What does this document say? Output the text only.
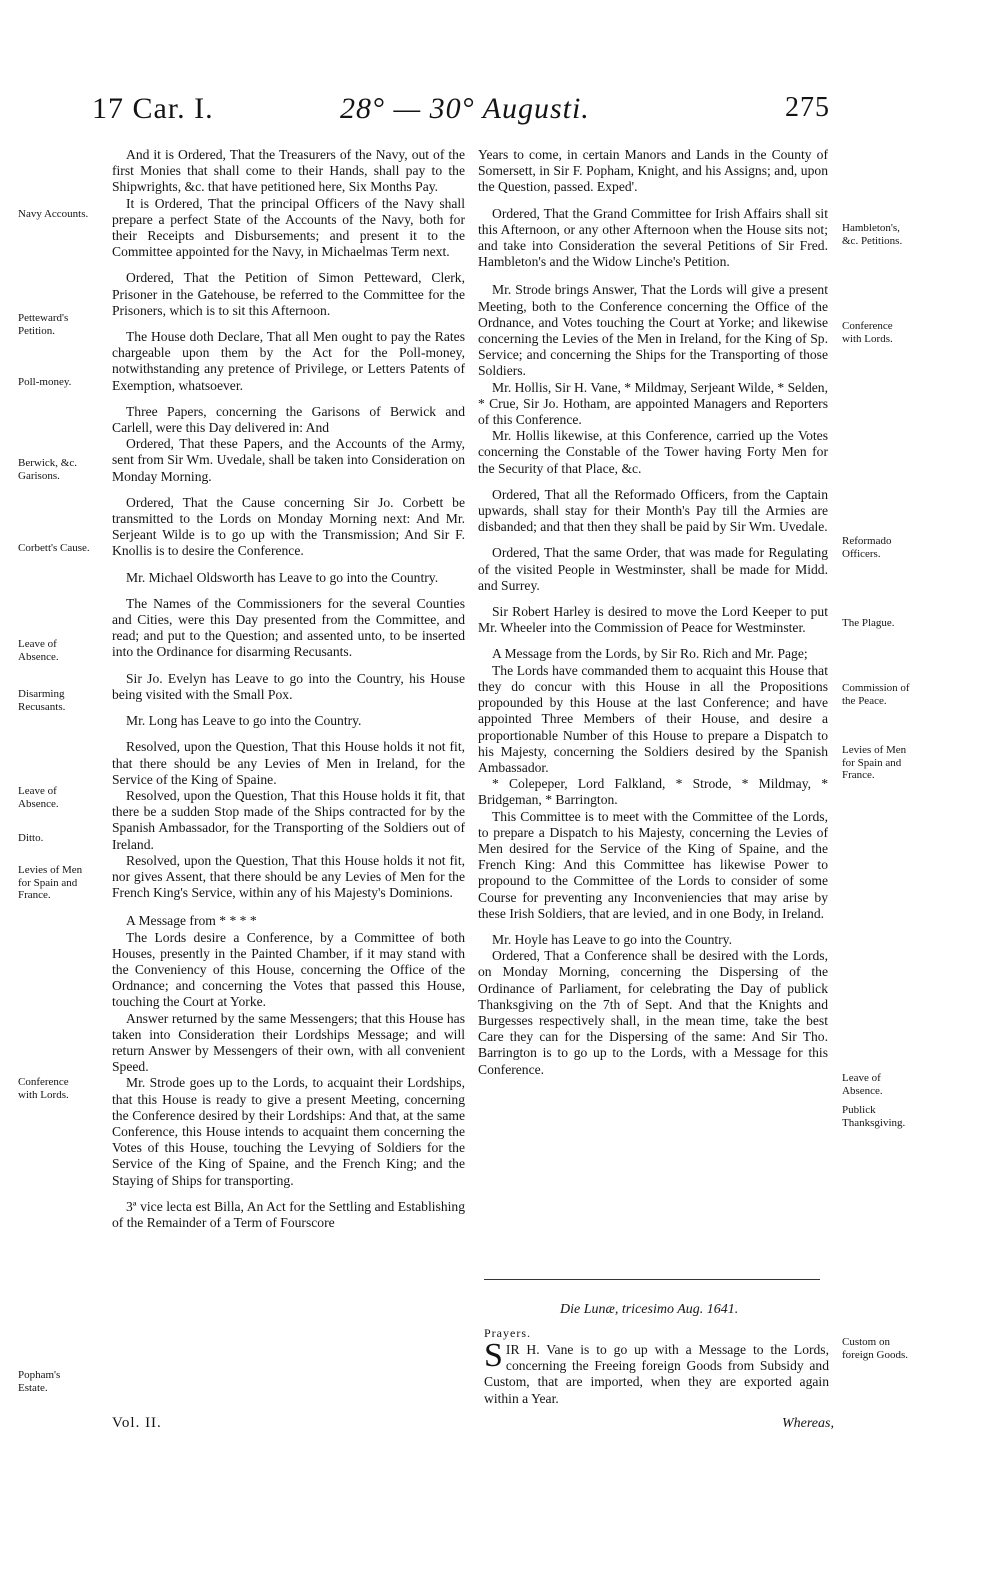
17 Car. I.	28° — 30° Augusti.	275
Navy Accounts.
Petteward's Petition.
Poll-money.
Berwick, &c. Garisons.
Corbett's Cause.
Leave of Absence.
Disarming Recusants.
Leave of Absence.
Ditto.
Levies of Men for Spain and France.
Conference with Lords.
Popham's Estate.
Hambleton's, &c. Petitions.
Conference with Lords.
Reformado Officers.
The Plague.
Commission of the Peace.
Levies of Men for Spain and France.
Leave of Absence.
Publick Thanksgiving.
Custom on foreign Goods.

And it is Ordered, That the Treasurers of the Navy, out of the first Monies that shall come to their Hands, shall pay to the Shipwrights, &c. that have petitioned here, Six Months Pay.

It is Ordered, That the principal Officers of the Navy shall prepare a perfect State of the Accounts of the Navy, both for their Receipts and Disbursements; and present it to the Committee appointed for the Navy, in Michaelmas Term next.

Ordered, That the Petition of Simon Petteward, Clerk, Prisoner in the Gatehouse, be referred to the Committee for the Prisoners, which is to sit this Afternoon.

The House doth Declare, That all Men ought to pay the Rates chargeable upon them by the Act for the Poll-money, notwithstanding any pretence of Privilege, or Letters Patents of Exemption, whatsoever.

Three Papers, concerning the Garisons of Berwick and Carlell, were this Day delivered in: And

Ordered, That these Papers, and the Accounts of the Army, sent from Sir Wm. Uvedale, shall be taken into Consideration on Monday Morning.

Ordered, That the Cause concerning Sir Jo. Corbett be transmitted to the Lords on Monday Morning next: And Mr. Serjeant Wilde is to go up with the Transmission; And Sir F. Knollis is to desire the Conference.

Mr. Michael Oldsworth has Leave to go into the Country.

The Names of the Commissioners for the several Counties and Cities, were this Day presented from the Committee, and read; and put to the Question; and assented unto, to be inserted into the Ordinance for disarming Recusants.

Sir Jo. Evelyn has Leave to go into the Country, his House being visited with the Small Pox.

Mr. Long has Leave to go into the Country.

Resolved, upon the Question, That this House holds it not fit, that there should be any Levies of Men in Ireland, for the Service of the King of Spaine.

Resolved, upon the Question, That this House holds it fit, that there be a sudden Stop made of the Ships contracted for by the Spanish Ambassador, for the Transporting of the Soldiers out of Ireland.

Resolved, upon the Question, That this House holds it not fit, nor gives Assent, that there should be any Levies of Men for the French King's Service, within any of his Majesty's Dominions.

A Message from * * * *

The Lords desire a Conference, by a Committee of both Houses, presently in the Painted Chamber, if it may stand with the Conveniency of this House, concerning the Office of the Ordnance; and concerning the Votes that passed this House, touching the Court at Yorke.

Answer returned by the same Messengers; that this House has taken into Consideration their Lordships Message; and will return Answer by Messengers of their own, with all convenient Speed.

Mr. Strode goes up to the Lords, to acquaint their Lordships, that this House is ready to give a present Meeting, concerning the Conference desired by their Lordships: And that, at the same Conference, this House intends to acquaint them concerning the Votes of this House, touching the Levying of Soldiers for the Service of the King of Spaine, and the French King; and the Staying of Ships for transporting.

3ª vice lecta est Billa, An Act for the Settling and Establishing of the Remainder of a Term of Fourscore

Years to come, in certain Manors and Lands in the County of Somersett, in Sir F. Popham, Knight, and his Assigns; and, upon the Question, passed. Exped'.

Ordered, That the Grand Committee for Irish Affairs shall sit this Afternoon, or any other Afternoon when the House sits not; and take into Consideration the several Petitions of Sir Fred. Hambleton's and the Widow Linche's Petition.

Mr. Strode brings Answer, That the Lords will give a present Meeting, both to the Conference concerning the Office of the Ordnance, and Votes touching the Court at Yorke; and likewise concerning the Levies of the Men in Ireland, for the King of Sp. Service; and concerning the Ships for the Transporting of those Soldiers.

Mr. Hollis, Sir H. Vane, * Mildmay, Serjeant Wilde, * Selden, * Crue, Sir Jo. Hotham, are appointed Managers and Reporters of this Conference.

Mr. Hollis likewise, at this Conference, carried up the Votes concerning the Constable of the Tower having Forty Men for the Security of that Place, &c.

Ordered, That all the Reformado Officers, from the Captain upwards, shall stay for their Month's Pay till the Armies are disbanded; and that then they shall be paid by Sir Wm. Uvedale.

Ordered, That the same Order, that was made for Regulating of the visited People in Westminster, shall be made for Midd. and Surrey.

Sir Robert Harley is desired to move the Lord Keeper to put Mr. Wheeler into the Commission of Peace for Westminster.

A Message from the Lords, by Sir Ro. Rich and Mr. Page;

The Lords have commanded them to acquaint this House that they do concur with this House in all the Propositions propounded by this House at the last Conference; and have appointed Three Members of their House, and desire a proportionable Number of this House to prepare a Dispatch to his Majesty, concerning the Soldiers desired by the Spanish Ambassador.

* Colepeper, Lord Falkland, * Strode, * Mildmay, * Bridgeman, * Barrington.

This Committee is to meet with the Committee of the Lords, to prepare a Dispatch to his Majesty, concerning the Levies of Men desired for the Service of the King of Spaine, and the French King: And this Committee has likewise Power to propound to the Committee of the Lords to consider of some Course for preventing any Inconveniencies that may arise by these Irish Soldiers, that are levied, and in one Body, in Ireland.

Mr. Hoyle has Leave to go into the Country.

Ordered, That a Conference shall be desired with the Lords, on Monday Morning, concerning the Dispersing of the Ordinance of Parliament, for celebrating the Day of publick Thanksgiving on the 7th of Sept. And that the Knights and Burgesses respectively shall, in the mean time, take the best Care they can for the Dispersing of the same: And Sir Tho. Barrington is to go up to the Lords, with a Message for this Conference.

Die Lunæ, tricesimo Aug. 1641.
Prayers.
SIR H. Vane is to go up with a Message to the Lords, concerning the Freeing foreign Goods from Subsidy and Custom, that are imported, when they are exported again within a Year.
Whereas,
Vol. II.
